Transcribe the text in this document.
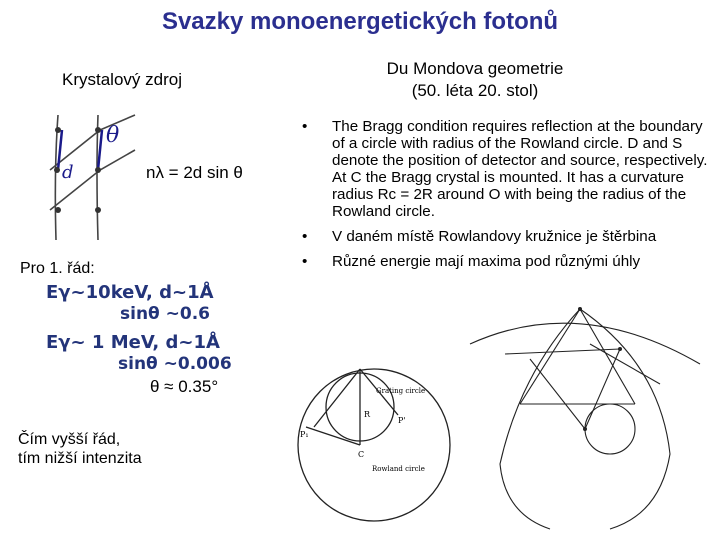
Svazky monoenergetických fotonů
Krystalový zdroj
Du Mondova geometrie
(50. léta 20. stol)
d
θ
nλ = 2d sin θ
Pro 1. řád:
Eγ~10keV, d~1Å
sinθ ~0.6
Eγ~ 1 MeV, d~1Å
sinθ ~0.006
θ ≈ 0.35°
Čím vyšší řád,
tím nižší intenzita
•	The Bragg condition requires reflection at the boundary of a circle with radius of the Rowland circle. D and S denote the position of detector and source, respectively. At C the Bragg crystal is mounted. It has a curvature radius Rc = 2R around O with being the radius of the Rowland circle.
•	V daném místě Rowlandovy kružnice je štěrbina
•	Různé energie mají maxima pod různými úhly
R
C
P₁
P'
Grating circle
Rowland circle
